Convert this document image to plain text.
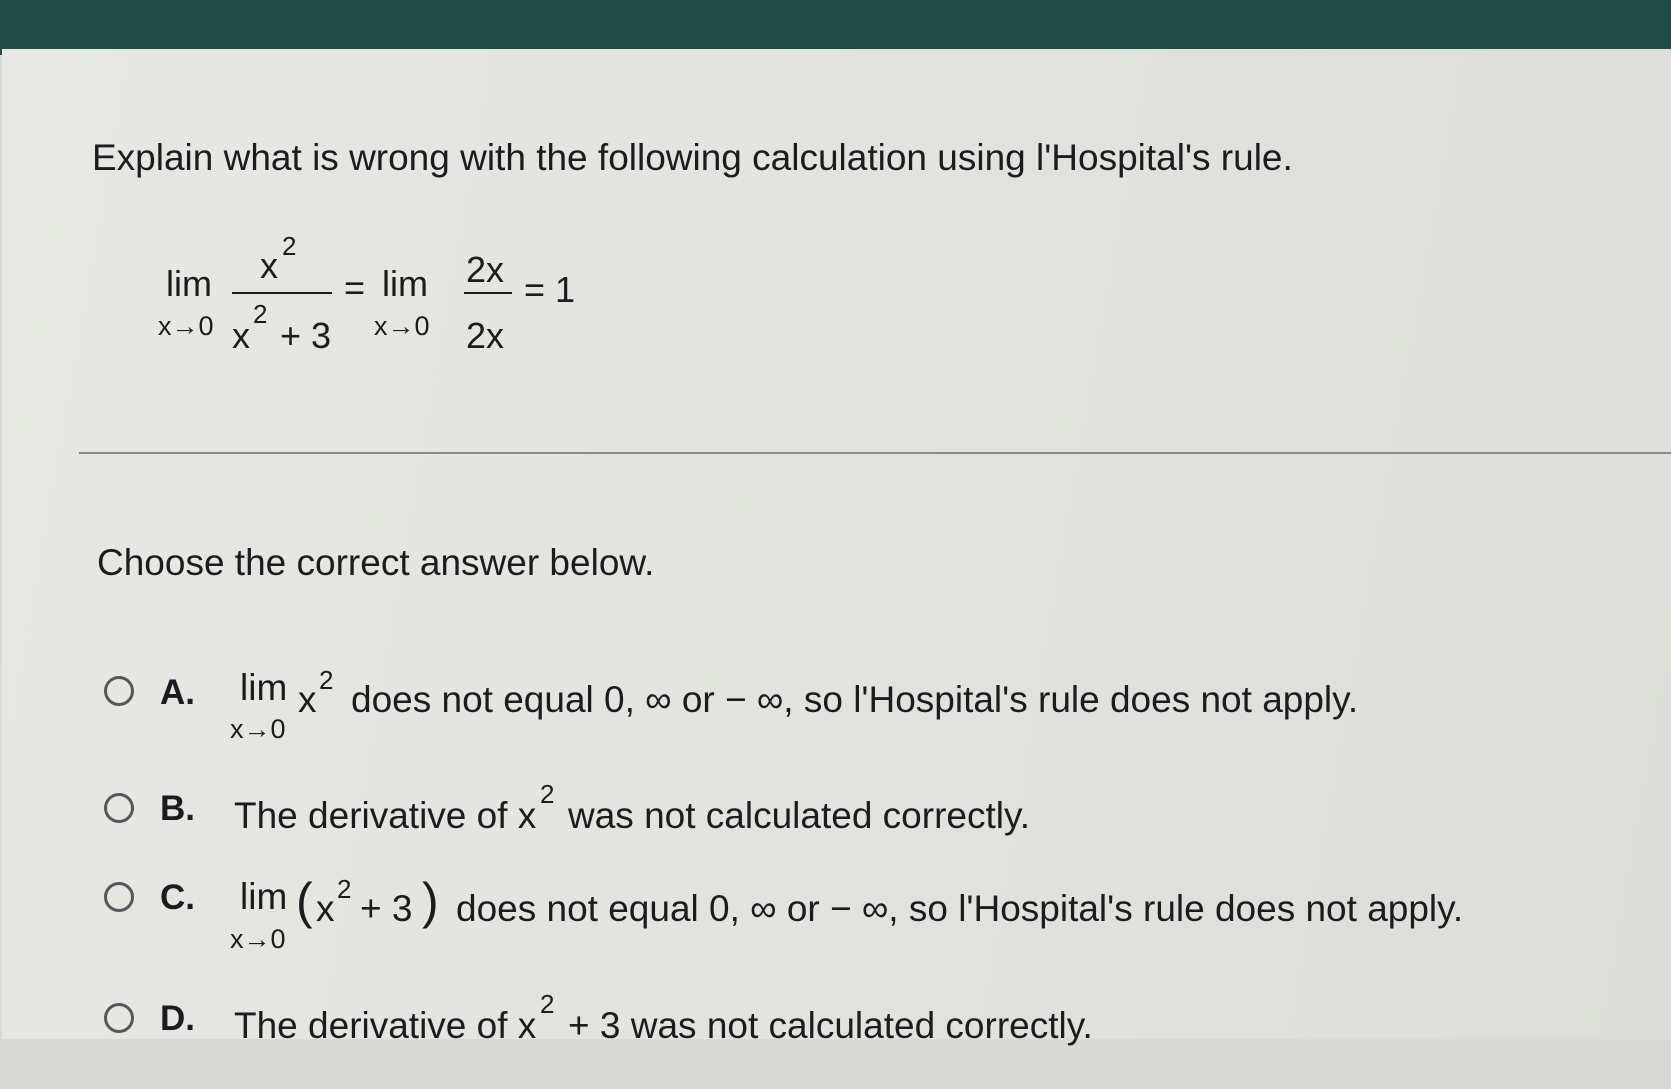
Explain what is wrong with the following calculation using l'Hospital's rule.
lim
x→0
x 2
x
2
+ 3
= lim
x→0
2x
2x
= 1
Choose the correct answer below.
A. lim
x→0
x 2 does not equal 0, ∞ or − ∞, so l'Hospital's rule does not apply.
B. The derivative of x
2
was not calculated correctly.
C. lim
x→0
( x 2 + 3 ) does not equal 0, ∞ or − ∞, so l'Hospital's rule does not apply.
D. The derivative of x
2
+ 3 was not calculated correctly.
